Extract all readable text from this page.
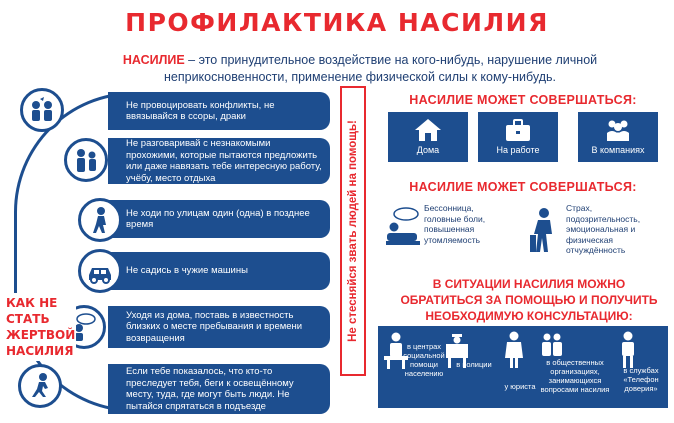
ПРОФИЛАКТИКА НАСИЛИЯ
НАСИЛИЕ – это принудительное воздействие на кого-нибудь, нарушение личной неприкосновенности, применение физической силы к кому-нибудь.
Не провоцировать конфликты, не ввязывайся в ссоры, драки
Не разговаривай с незнакомыми прохожими, которые пытаются предложить или даже навязать тебе интересную работу, учёбу, место отдыха
Не ходи по улицам один (одна) в позднее время
Не садись в чужие машины
Уходя из дома, поставь в известность близких о месте пребывания и времени возвращения
Если тебе показалось, что кто-то преследует тебя, беги к освещённому месту, туда, где могут быть люди. Не пытайся спрятаться в подъезде
КАК НЕ СТАТЬ ЖЕРТВОЙ НАСИЛИЯ
Не стесняйся звать людей на помощь!
НАСИЛИЕ МОЖЕТ СОВЕРШАТЬСЯ:
Дома	На работе	В компаниях
НАСИЛИЕ МОЖЕТ СОВЕРШАТЬСЯ:
Бессонница, головные боли, повышенная утомляемость
Страх, подозрительность, эмоциональная и физическая отчуждённость
В СИТУАЦИИ НАСИЛИЯ МОЖНО ОБРАТИТЬСЯ ЗА ПОМОЩЬЮ И ПОЛУЧИТЬ НЕОБХОДИМУЮ КОНСУЛЬТАЦИЮ:
в центрах социальной помощи населению
в полиции
у юриста
в общественных организациях, занимающихся вопросами насилия
в службах «Телефон доверия»
